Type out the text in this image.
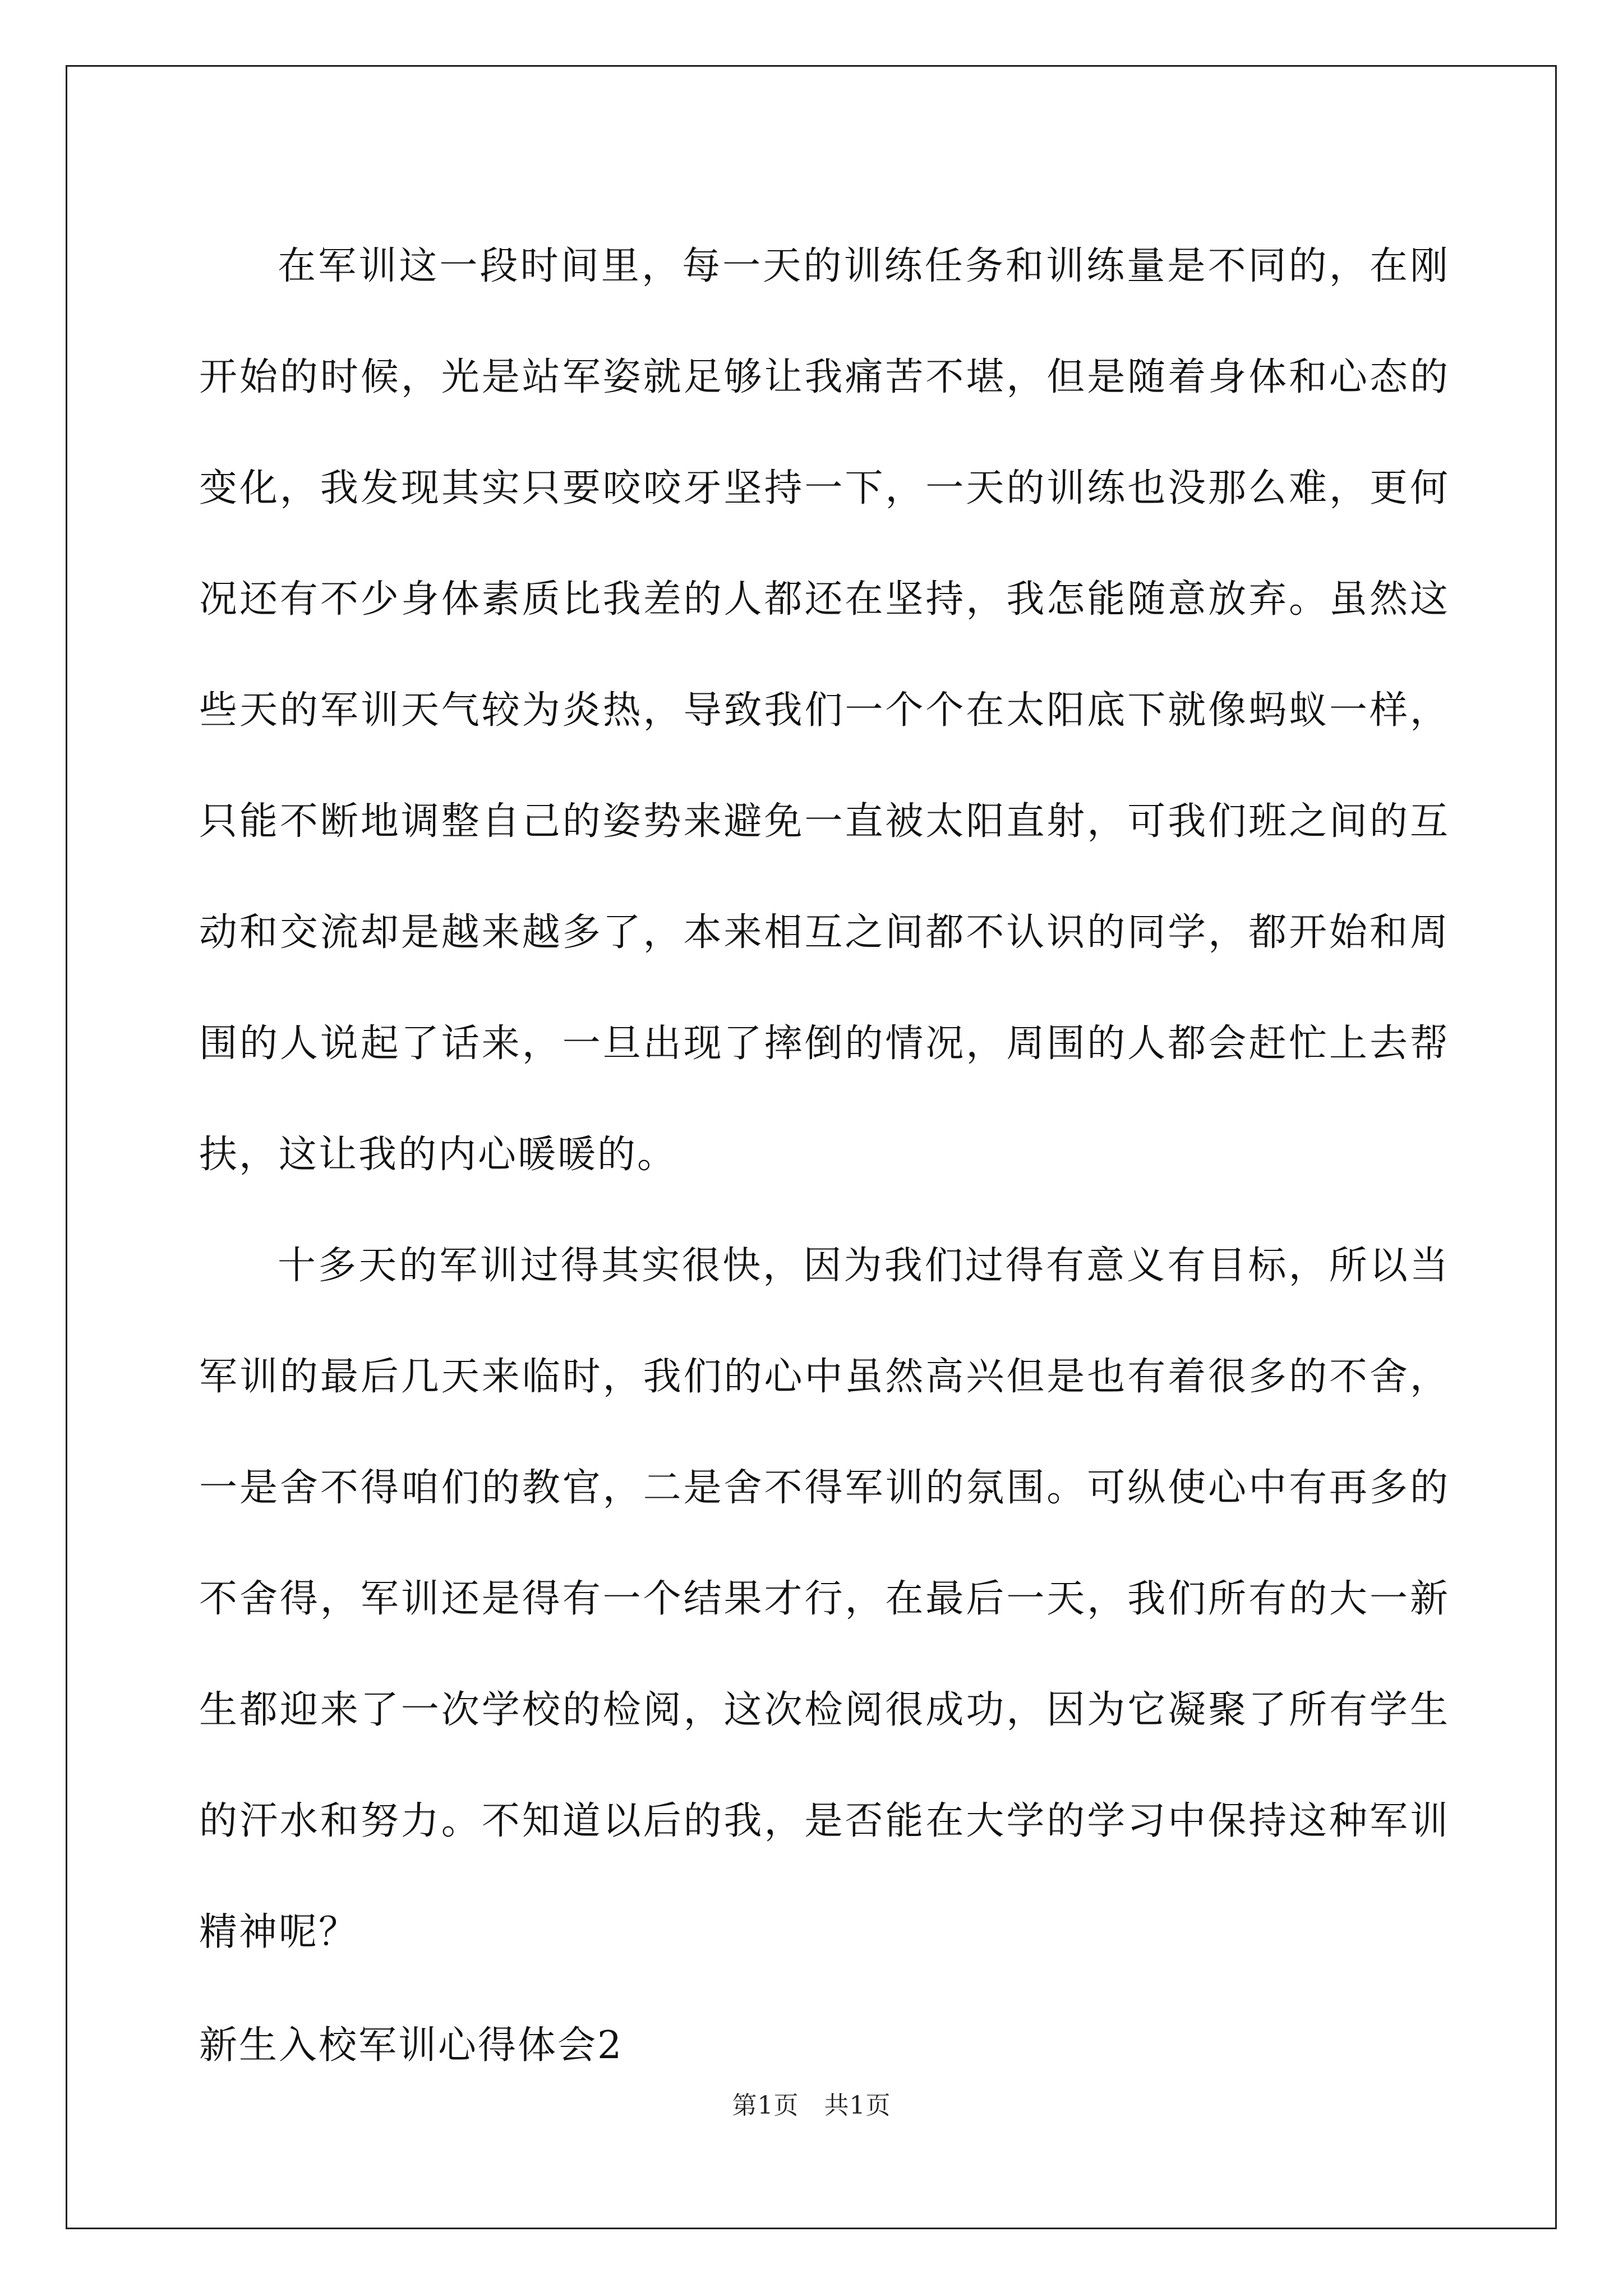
在军训这一段时间里，每一天的训练任务和训练量是不同的，在刚开始的时候，光是站军姿就足够让我痛苦不堪，但是随着身体和心态的变化，我发现其实只要咬咬牙坚持一下，一天的训练也没那么难，更何况还有不少身体素质比我差的人都还在坚持，我怎能随意放弃。虽然这些天的军训天气较为炎热，导致我们一个个在太阳底下就像蚂蚁一样，只能不断地调整自己的姿势来避免一直被太阳直射，可我们班之间的互动和交流却是越来越多了，本来相互之间都不认识的同学，都开始和周围的人说起了话来，一旦出现了摔倒的情况，周围的人都会赶忙上去帮扶，这让我的内心暖暖的。

十多天的军训过得其实很快，因为我们过得有意义有目标，所以当军训的最后几天来临时，我们的心中虽然高兴但是也有着很多的不舍，一是舍不得咱们的教官，二是舍不得军训的氛围。可纵使心中有再多的不舍得，军训还是得有一个结果才行，在最后一天，我们所有的大一新生都迎来了一次学校的检阅，这次检阅很成功，因为它凝聚了所有学生的汗水和努力。不知道以后的我，是否能在大学的学习中保持这种军训精神呢？

新生入校军训心得体会2

第1页　共1页
